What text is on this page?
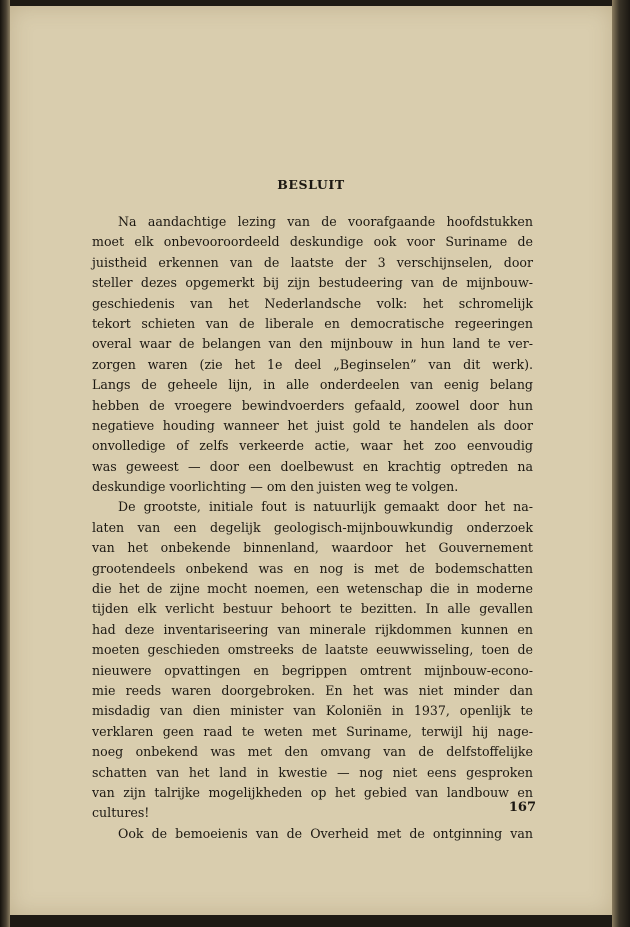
BESLUIT
Na aandachtige lezing van de voorafgaande hoofdstukken
moet elk onbevooroordeeld deskundige ook voor Suriname de
juistheid erkennen van de laatste der 3 verschijnselen, door
steller dezes opgemerkt bij zijn bestudeering van de mijnbouw-
geschiedenis van het Nederlandsche volk: het schromelijk
tekort schieten van de liberale en democratische regeeringen
overal waar de belangen van den mijnbouw in hun land te ver-
zorgen waren (zie het 1e deel „Beginselen” van dit werk).
Langs de geheele lijn, in alle onderdeelen van eenig belang
hebben de vroegere bewindvoerders gefaald, zoowel door hun
negatieve houding wanneer het juist gold te handelen als door
onvolledige of zelfs verkeerde actie, waar het zoo eenvoudig
was geweest — door een doelbewust en krachtig optreden na
deskundige voorlichting — om den juisten weg te volgen.
De grootste, initiale fout is natuurlijk gemaakt door het na-
laten van een degelijk geologisch-mijnbouwkundig onderzoek
van het onbekende binnenland, waardoor het Gouvernement
grootendeels onbekend was en nog is met de bodemschatten
die het de zijne mocht noemen, een wetenschap die in moderne
tijden elk verlicht bestuur behoort te bezitten. In alle gevallen
had deze inventariseering van minerale rijkdommen kunnen en
moeten geschieden omstreeks de laatste eeuwwisseling, toen de
nieuwere opvattingen en begrippen omtrent mijnbouw-econo-
mie reeds waren doorgebroken. En het was niet minder dan
misdadig van dien minister van Koloniën in 1937, openlijk te
verklaren geen raad te weten met Suriname, terwijl hij nage-
noeg onbekend was met den omvang van de delfstoffelijke
schatten van het land in kwestie — nog niet eens gesproken
van zijn talrijke mogelijkheden op het gebied van landbouw en
cultures!
Ook de bemoeienis van de Overheid met de ontginning van
167
